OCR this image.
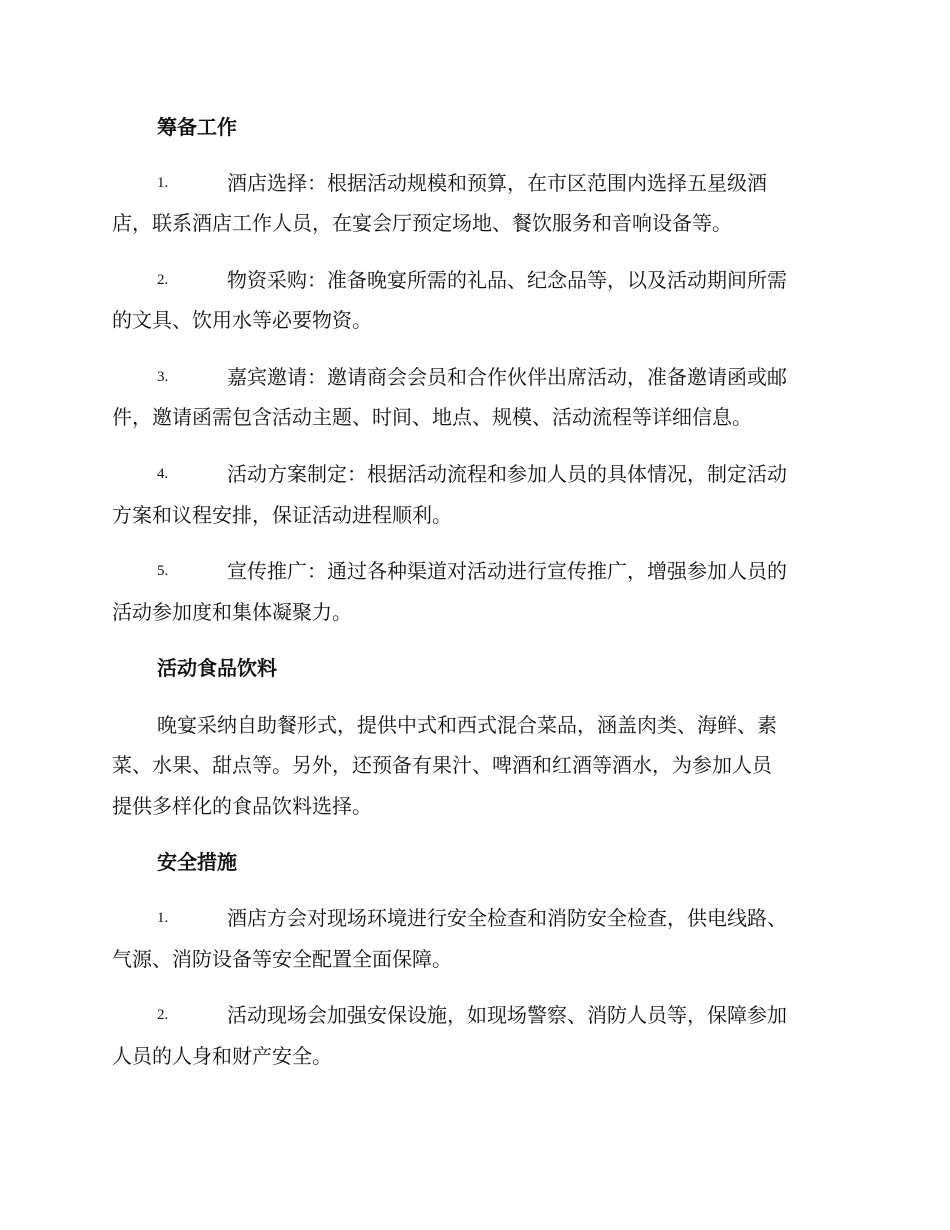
筹备工作
1.	酒店选择：根据活动规模和预算，在市区范围内选择五星级酒
店，联系酒店工作人员，在宴会厅预定场地、餐饮服务和音响设备等。
2.	物资采购：准备晚宴所需的礼品、纪念品等，以及活动期间所需
的文具、饮用水等必要物资。
3.	嘉宾邀请：邀请商会会员和合作伙伴出席活动，准备邀请函或邮
件，邀请函需包含活动主题、时间、地点、规模、活动流程等详细信息。
4.	活动方案制定：根据活动流程和参加人员的具体情况，制定活动
方案和议程安排，保证活动进程顺利。
5.	宣传推广：通过各种渠道对活动进行宣传推广，增强参加人员的
活动参加度和集体凝聚力。
活动食品饮料
晚宴采纳自助餐形式，提供中式和西式混合菜品，涵盖肉类、海鲜、素
菜、水果、甜点等。另外，还预备有果汁、啤酒和红酒等酒水，为参加人员
提供多样化的食品饮料选择。
安全措施
1.	酒店方会对现场环境进行安全检查和消防安全检查，供电线路、
气源、消防设备等安全配置全面保障。
2.	活动现场会加强安保设施，如现场警察、消防人员等，保障参加
人员的人身和财产安全。
